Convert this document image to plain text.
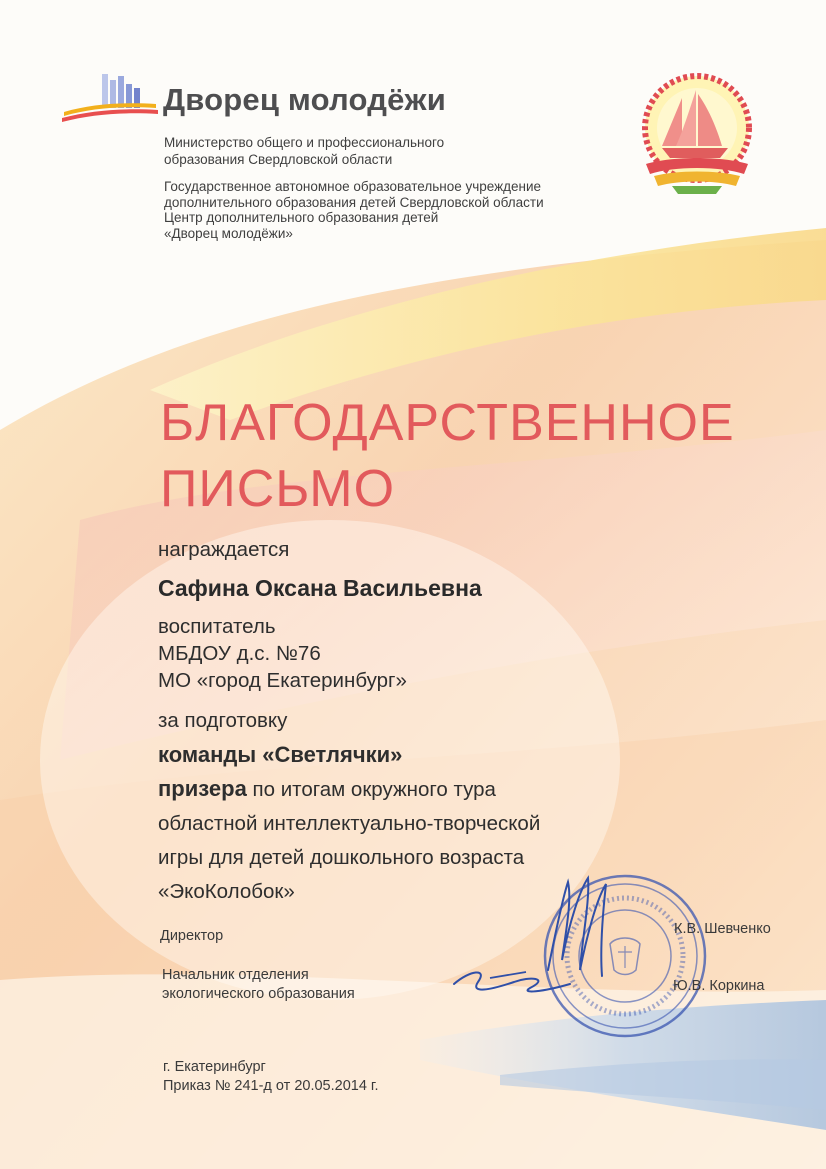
Дворец молодёжи
Министерство общего и профессионального
образования Свердловской области
Государственное автономное образовательное учреждение
дополнительного образования детей Свердловской области
Центр дополнительного образования детей
«Дворец молодёжи»
БЛАГОДАРСТВЕННОЕ
ПИСЬМО
награждается
Сафина Оксана Васильевна
воспитатель
МБДОУ д.с. №76
МО «город Екатеринбург»
за подготовку
команды «Светлячки»
призера по итогам окружного тура
областной интеллектуально-творческой
игры для детей дошкольного возраста
«ЭкоКолобок»
Директор	К.В. Шевченко
Начальник отделения
экологического образования	Ю.В. Коркина
г. Екатеринбург
Приказ № 241-д от 20.05.2014 г.
